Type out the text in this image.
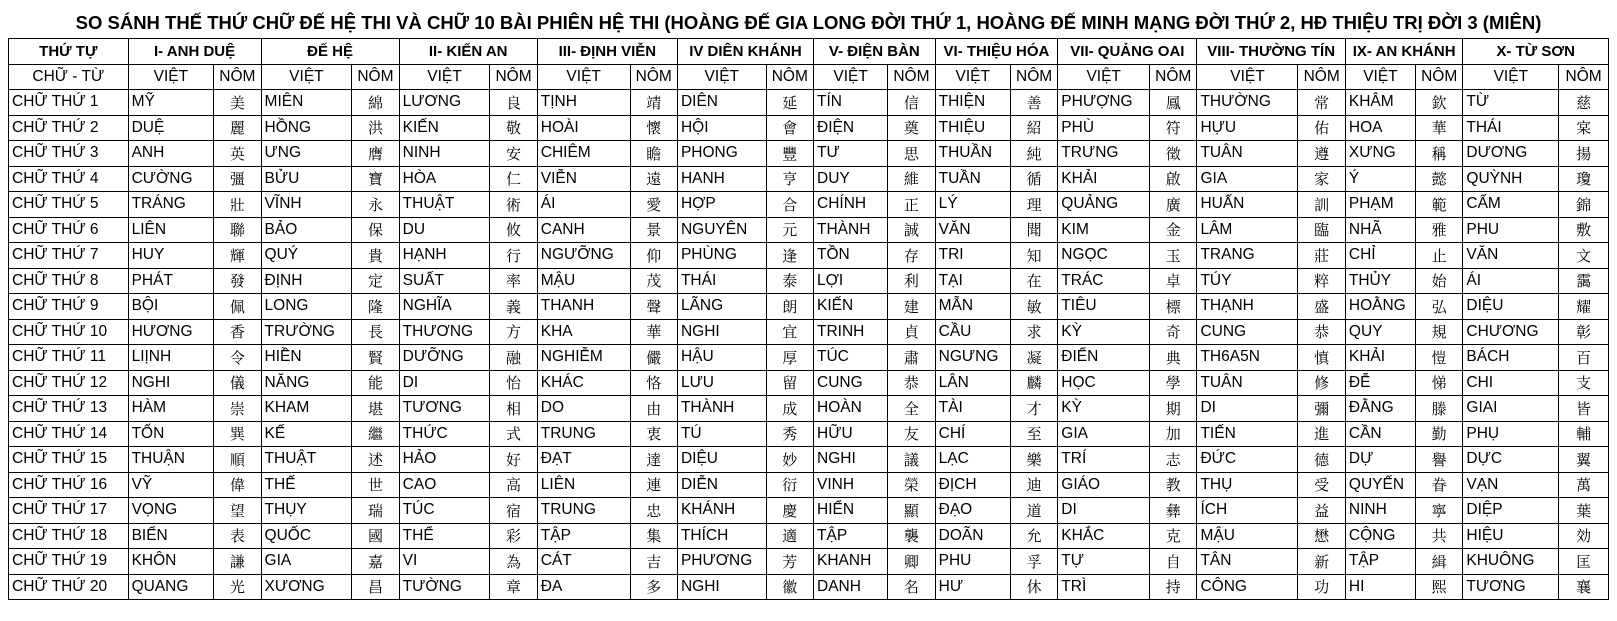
SO SÁNH THẾ THỨ CHỮ ĐẾ HỆ THI VÀ CHỮ 10 BÀI PHIÊN HỆ THI (HOÀNG ĐẾ GIA LONG ĐỜI THỨ 1, HOÀNG ĐẾ MINH MẠNG ĐỜI THỨ 2, HĐ THIỆU TRỊ ĐỜI 3 (MIÊN)
THỨ TỰ	I- ANH DUỆ		ĐẾ HỆ		II- KIẾN AN		III- ĐỊNH VIỄN		IV DIÊN KHÁNH		V- ĐIỆN BÀN		VI- THIỆU HÓA		VII- QUẢNG OAI		VIII- THƯỜNG TÍN		IX- AN KHÁNH		X- TỪ SƠN	
CHỮ - TỪ	VIỆT	NÔM	VIỆT	NÔM	VIỆT	NÔM	VIỆT	NÔM	VIỆT	NÔM	VIỆT	NÔM	VIỆT	NÔM	VIỆT	NÔM	VIỆT	NÔM	VIỆT	NÔM	VIỆT	NÔM
CHỮ THỨ 1	MỸ	美	MIÊN	綿	LƯƠNG	良	TỊNH	靖	DIÊN	延	TÍN	信	THIỆN	善	PHƯỢNG	鳳	THƯỜNG	常	KHÂM	欽	TỪ	慈
CHỮ THỨ 2	DUỆ	麗	HỒNG	洪	KIẾN	敬	HOÀI	懷	HỘI	會	ĐIỆN	奠	THIỆU	紹	PHÙ	符	HỰU	佑	HOA	華	THÁI	宲
CHỮ THỨ 3	ANH	英	ƯNG	膺	NINH	安	CHIÊM	瞻	PHONG	豐	TƯ	思	THUẦN	純	TRƯNG	徵	TUÂN	遵	XƯNG	稱	DƯƠNG	揚
CHỮ THỨ 4	CƯỜNG	彊	BỬU	寶	HÒA	仁	VIỄN	遠	HANH	亨	DUY	維	TUẦN	循	KHẢI	啟	GIA	家	Ý	懿	QUỲNH	瓊
CHỮ THỨ 5	TRÁNG	壯	VĨNH	永	THUẬT	術	ÁI	愛	HỢP	合	CHÍNH	正	LÝ	理	QUẢNG	廣	HUẤN	訓	PHẠM	範	CẨM	錦
CHỮ THỨ 6	LIÊN	聯	BẢO	保	DU	攸	CANH	景	NGUYÊN	元	THÀNH	誠	VĂN	聞	KIM	金	LÂM	臨	NHÃ	雅	PHU	敷
CHỮ THỨ 7	HUY	輝	QUÝ	貴	HẠNH	行	NGƯỠNG	仰	PHÙNG	逢	TỒN	存	TRI	知	NGỌC	玉	TRANG	莊	CHỈ	止	VĂN	文
CHỮ THỨ 8	PHÁT	發	ĐỊNH	定	SUẤT	率	MẬU	茂	THÁI	泰	LỢI	利	TẠI	在	TRÁC	卓	TÚY	粹	THỦY	始	ÁI	靄
CHỮ THỨ 9	BỘI	佩	LONG	隆	NGHĨA	義	THANH	聲	LÃNG	朗	KIẾN	建	MẪN	敏	TIÊU	標	THẠNH	盛	HOẰNG	弘	DIỆU	耀
CHỮ THỨ 10	HƯƠNG	香	TRƯỜNG	長	THƯƠNG	方	KHA	華	NGHI	宜	TRINH	貞	CẦU	求	KỲ	奇	CUNG	恭	QUY	規	CHƯƠNG	彰
CHỮ THỨ 11	LIỊNH	令	HIỀN	賢	DƯỠNG	融	NGHIỄM	儼	HẬU	厚	TÚC	肅	NGƯNG	凝	ĐIỂN	典	TH6A5N	慎	KHẢI	愷	BÁCH	百
CHỮ THỨ 12	NGHI	儀	NĂNG	能	DI	怡	KHÁC	恪	LƯU	留	CUNG	恭	LÂN	麟	HỌC	學	TUÂN	修	ĐỄ	悌	CHI	支
CHỮ THỨ 13	HÀM	崇	KHAM	堪	TƯƠNG	相	DO	由	THÀNH	成	HOÀN	全	TÀI	才	KỲ	期	DI	彌	ĐẰNG	滕	GIAI	皆
CHỮ THỨ 14	TỐN	巽	KẾ	繼	THỨC	式	TRUNG	衷	TÚ	秀	HỮU	友	CHÍ	至	GIA	加	TIẾN	進	CẦN	勤	PHỤ	輔
CHỮ THỨ 15	THUẬN	順	THUẬT	述	HẢO	好	ĐẠT	達	DIỆU	妙	NGHI	議	LẠC	樂	TRÍ	志	ĐỨC	德	DỰ	譽	DỰC	翼
CHỮ THỨ 16	VỸ	偉	THẾ	世	CAO	高	LIÊN	連	DIỄN	衍	VINH	榮	ĐỊCH	迪	GIÁO	教	THỤ	受	QUYẾN	眷	VẠN	萬
CHỮ THỨ 17	VỌNG	望	THỤY	瑞	TÚC	宿	TRUNG	忠	KHÁNH	慶	HIỂN	顯	ĐẠO	道	DI	彝	ÍCH	益	NINH	寧	DIỆP	葉
CHỮ THỨ 18	BIỂN	表	QUỐC	國	THỂ	彩	TẬP	集	THÍCH	適	TẬP	襲	DOÃN	允	KHẮC	克	MẬU	懋	CỘNG	共	HIỆU	効
CHỮ THỨ 19	KHÔN	謙	GIA	嘉	VI	為	CÁT	吉	PHƯƠNG	芳	KHANH	卿	PHU	孚	TỰ	自	TÂN	新	TẬP	緝	KHUÔNG	匡
CHỮ THỨ 20	QUANG	光	XƯƠNG	昌	TƯỜNG	章	ĐA	多	NGHI	徽	DANH	名	HƯ	休	TRÌ	持	CÔNG	功	HI	熙	TƯƠNG	襄
